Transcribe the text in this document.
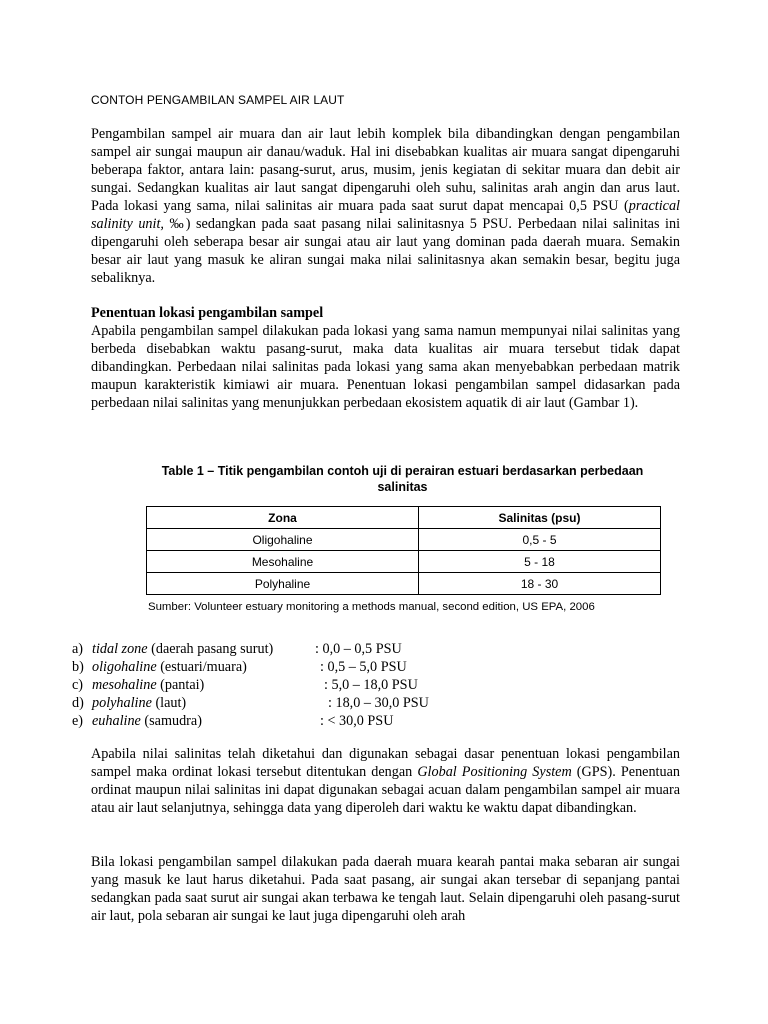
CONTOH PENGAMBILAN SAMPEL AIR LAUT

Pengambilan sampel air muara dan air laut lebih komplek bila dibandingkan dengan pengambilan sampel air sungai maupun air danau/waduk. Hal ini disebabkan kualitas air muara sangat dipengaruhi beberapa faktor, antara lain: pasang-surut, arus, musim, jenis kegiatan di sekitar muara dan debit air sungai. Sedangkan kualitas air laut sangat dipengaruhi oleh suhu, salinitas arah angin dan arus laut. Pada lokasi yang sama, nilai salinitas air muara pada saat surut dapat mencapai 0,5 PSU (practical salinity unit, ‰) sedangkan pada saat pasang nilai salinitasnya 5 PSU. Perbedaan nilai salinitas ini dipengaruhi oleh seberapa besar air sungai atau air laut yang dominan pada daerah muara. Semakin besar air laut yang masuk ke aliran sungai maka nilai salinitasnya akan semakin besar, begitu juga sebaliknya.

Penentuan lokasi pengambilan sampel

Apabila pengambilan sampel dilakukan pada lokasi yang sama namun mempunyai nilai salinitas yang berbeda disebabkan waktu pasang-surut, maka data kualitas air muara tersebut tidak dapat dibandingkan. Perbedaan nilai salinitas pada lokasi yang sama akan menyebabkan perbedaan matrik maupun karakteristik kimiawi air muara. Penentuan lokasi pengambilan sampel didasarkan pada perbedaan nilai salinitas yang menunjukkan perbedaan ekosistem aquatik di air laut (Gambar 1).

Apabila nilai salinitas telah diketahui dan digunakan sebagai dasar penentuan lokasi pengambilan sampel maka ordinat lokasi tersebut ditentukan dengan Global Positioning System (GPS). Penentuan ordinat maupun nilai salinitas ini dapat digunakan sebagai acuan dalam pengambilan sampel air muara atau air laut selanjutnya, sehingga data yang diperoleh dari waktu ke waktu dapat dibandingkan.

Bila lokasi pengambilan sampel dilakukan pada daerah muara kearah pantai maka sebaran air sungai yang masuk ke laut harus diketahui. Pada saat pasang, air sungai akan tersebar di sepanjang pantai sedangkan pada saat surut air sungai akan terbawa ke tengah laut. Selain dipengaruhi oleh pasang-surut air laut, pola sebaran air sungai ke laut juga dipengaruhi oleh arah

Table 1 – Titik pengambilan contoh uji di perairan estuari berdasarkan perbedaan salinitas
Zona	Salinitas (psu)
Oligohaline	0,5 - 5
Mesohaline	5 - 18
Polyhaline	18 - 30
Sumber: Volunteer estuary monitoring a methods manual, second edition, US EPA, 2006
a) tidal zone (daerah pasang surut)	: 0,0 – 0,5 PSU
b) oligohaline (estuari/muara)	: 0,5 – 5,0 PSU
c) mesohaline (pantai)	: 5,0 – 18,0 PSU
d) polyhaline (laut)	: 18,0 – 30,0 PSU
e) euhaline (samudra)	: < 30,0 PSU
